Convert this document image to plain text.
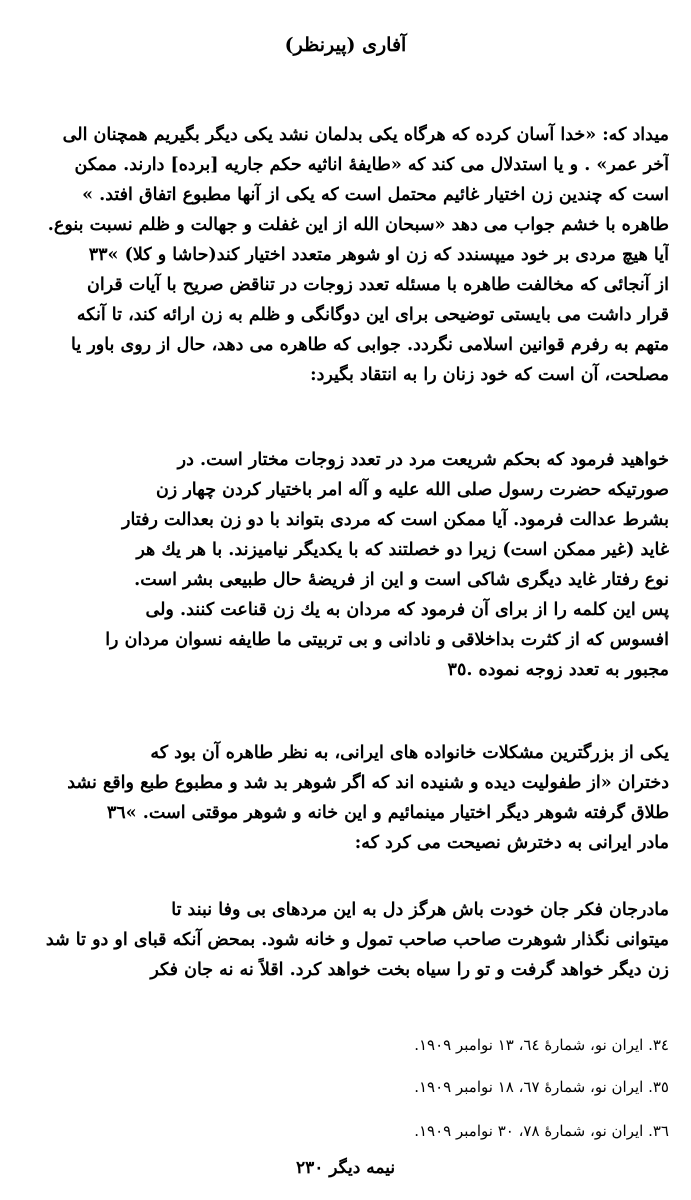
آفاری (پیرنظر)
میداد که: «خدا آسان کرده که هرگاه یکی بدلمان نشد یکی دیگر بگیریم همچنان الی
آخر عمر» . و یا استدلال می کند که «طایفهٔ اناثیه حکم جاریه [برده] دارند. ممکن
است که چندین زن اختیار غائیم محتمل است که یکی از آنها مطبوع اتفاق افتد. »
طاهره با خشم جواب می دهد «سبحان الله از این غفلت و جهالت و ظلم نسبت بنوع.
آیا هیچ مردی بر خود میپسندد که زن او شوهر متعدد اختیار کند(حاشا و کلا) »٣٣
از آنجائی که مخالفت طاهره با مسئله تعدد زوجات در تناقض صریح با آیات قران
قرار داشت می بایستی توضیحی برای این دوگانگی و ظلم به زن ارائه کند، تا آنکه
متهم به رفرم قوانین اسلامی نگردد. جوابی که طاهره می دهد، حال از روی باور یا
مصلحت، آن است که خود زنان را به انتقاد بگیرد:
خواهید فرمود که بحکم شریعت مرد در تعدد زوجات مختار است. در
صورتیکه حضرت رسول صلی الله علیه و آله امر باختیار کردن چهار زن
بشرط عدالت فرمود. آیا ممکن است که مردی بتواند با دو زن بعدالت رفتار
غاید (غیر ممکن است) زیرا دو خصلتند که با یکدیگر نیامیزند. با هر یك هر
نوع رفتار غاید دیگری شاکی است و این از فریضهٔ حال طبیعی بشر است.
پس این کلمه را از برای آن فرمود که مردان به یك زن قناعت کنند. ولی
افسوس که از کثرت بداخلاقی و نادانی و بی تربیتی ما طایفه نسوان مردان را
مجبور به تعدد زوجه نموده .٣٥
یکی از بزرگترین مشکلات خانواده های ایرانی، به نظر طاهره آن بود که
دختران «از طفولیت دیده و شنیده اند که اگر شوهر بد شد و مطبوع طبع واقع نشد
طلاق گرفته شوهر دیگر اختیار مینمائیم و این خانه و شوهر موقتی است. »٣٦
مادر ایرانی به دخترش نصیحت می کرد که:
مادرجان فکر جان خودت باش هرگز دل به این مردهای بی وفا نبند تا
میتوانی نگذار شوهرت صاحب صاحب تمول و خانه شود. بمحض آنکه قبای او دو تا شد
زن دیگر خواهد گرفت و تو را سیاه بخت خواهد کرد. اقلاً نه نه جان فکر
٣٤. ایران نو، شمارهٔ ٦٤، ١٣ نوامبر ١٩٠٩.
٣٥. ایران نو، شمارهٔ ٦٧، ١٨ نوامبر ١٩٠٩.
٣٦. ایران نو، شمارهٔ ٧٨، ٣٠ نوامبر ١٩٠٩.
نیمه دیگر ٢٣٠
